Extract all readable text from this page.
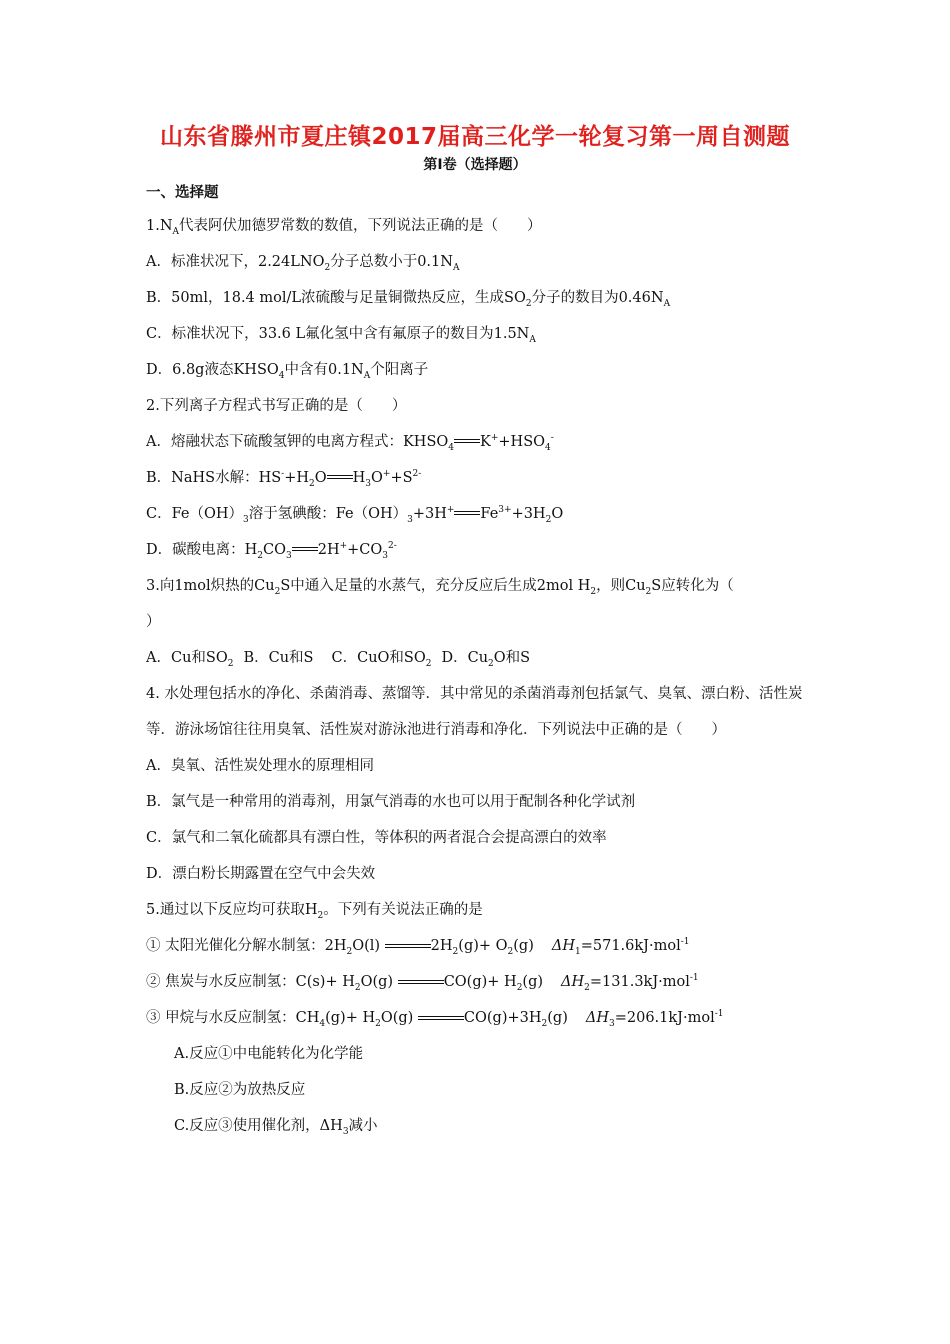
山东省滕州市夏庄镇2017届高三化学一轮复习第一周自测题
第Ⅰ卷（选择题）
一、选择题
$1.N_A$代表阿伏加德罗常数的数值，下列说法正确的是（　　）
A．标准状况下，$2.24LNO_2$分子总数小于$0.1N_A$
B．50ml，18.4 mol/L浓硫酸与足量铜微热反应，生成$SO_2$分子的数目为$0.46N_A$
C．标准状况下，33.6 L氟化氢中含有氟原子的数目为$1.5N_A$
D．6.8g液态$KHSO_4$中含有$0.1N_A$个阳离子
2.下列离子方程式书写正确的是（　　）
A．熔融状态下硫酸氢钾的电离方程式：$KHSO_4$ $K^++HSO_4^-$
B．NaHS水解：$HS^-+H_2O$ $H_3O^++S^{2-}$
C．$Fe(OH)_3$溶于氢碘酸：$Fe(OH)_3+3H^+$ $Fe^{3+}+3H_2O$
D．碳酸电离：$H_2CO_3$ $2H^++CO_3^{2-}$
3.向1mol炽热的$Cu_2S$中通入足量的水蒸气，充分反应后生成2mol $H_2$，则$Cu_2S$应转化为（
）
A．Cu和$SO_2$ B．Cu和S C．CuO和$SO_2$ D．$Cu_2O$和S
4. 水处理包括水的净化、杀菌消毒、蒸馏等．其中常见的杀菌消毒剂包括氯气、臭氧、漂白粉、活性炭等．游泳场馆往往用臭氧、活性炭对游泳池进行消毒和净化．下列说法中正确的是（　　）
A．臭氧、活性炭处理水的原理相同
B．氯气是一种常用的消毒剂，用氯气消毒的水也可以用于配制各种化学试剂
C．氯气和二氧化硫都具有漂白性，等体积的两者混合会提高漂白的效率
D．漂白粉长期露置在空气中会失效
5.通过以下反应均可获取$H_2$。下列有关说法正确的是
① 太阳光催化分解水制氢：$2H_2O(l)$	$2H_2(g)+ O_2(g)$ $\Delta H_1=571.6kJ\cdot mol^{-1}$
② 焦炭与水反应制氢：$C(s)+ H_2O(g)$	$CO(g)+ H_2(g)$ $\Delta H_2=131.3kJ\cdot mol^{-1}$
③ 甲烷与水反应制氢：$CH_4(g)+ H_2O(g)$	$CO(g)+3H_2(g)$ $\Delta H_3=206.1kJ\cdot mol^{-1}$
A.反应①中电能转化为化学能
B.反应②为放热反应
C.反应③使用催化剂，$\Delta H_3$减小
